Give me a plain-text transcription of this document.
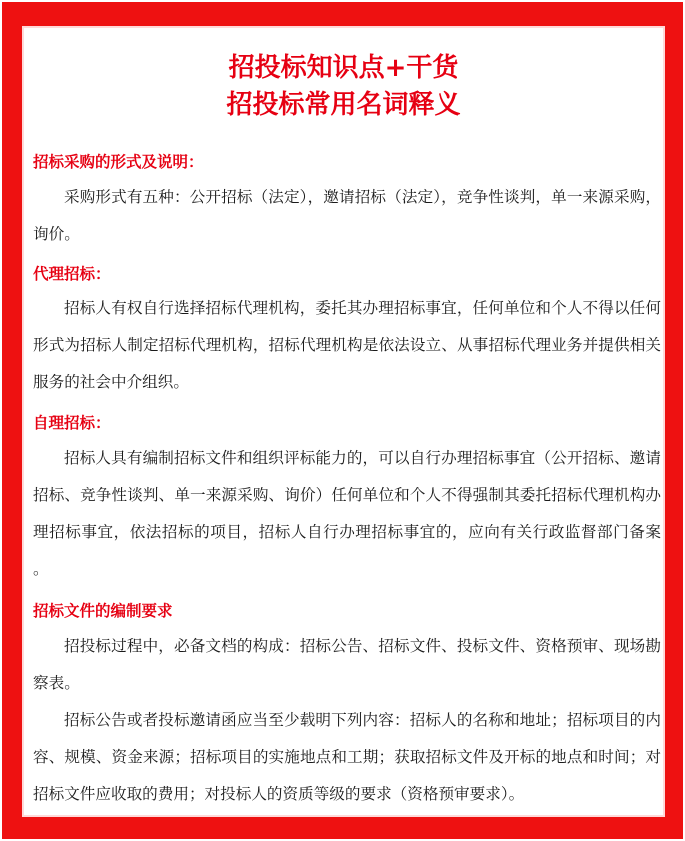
招投标知识点+干货
招投标常用名词释义
招标采购的形式及说明：

采购形式有五种：公开招标（法定），邀请招标（法定），竞争性谈判，单一来源采购，询价。

代理招标：

招标人有权自行选择招标代理机构，委托其办理招标事宜，任何单位和个人不得以任何形式为招标人制定招标代理机构，招标代理机构是依法设立、从事招标代理业务并提供相关服务的社会中介组织。

自理招标：

招标人具有编制招标文件和组织评标能力的，可以自行办理招标事宜（公开招标、邀请招标、竞争性谈判、单一来源采购、询价）任何单位和个人不得强制其委托招标代理机构办理招标事宜，依法招标的项目，招标人自行办理招标事宜的，应向有关行政监督部门备案 。

招标文件的编制要求

招投标过程中，必备文档的构成：招标公告、招标文件、投标文件、资格预审、现场勘察表。

招标公告或者投标邀请函应当至少载明下列内容：招标人的名称和地址；招标项目的内容、规模、资金来源；招标项目的实施地点和工期；获取招标文件及开标的地点和时间；对招标文件应收取的费用；对投标人的资质等级的要求（资格预审要求）。
